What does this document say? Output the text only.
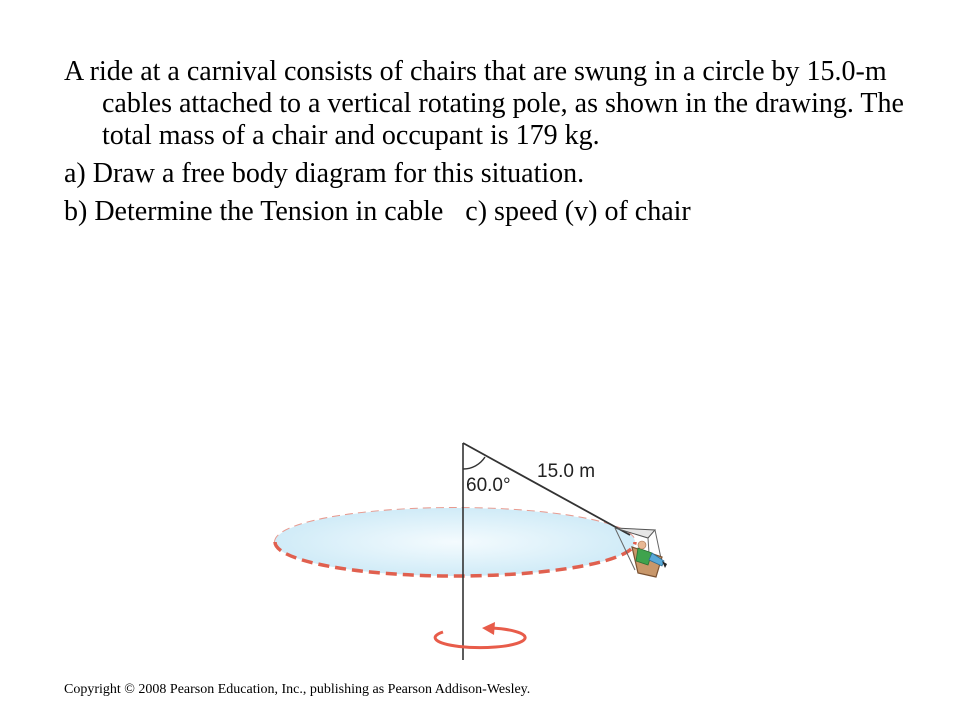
A ride at a carnival consists of chairs that are swung in a circle by 15.0-m cables attached to a vertical rotating pole, as shown in the drawing. The total mass of a chair and occupant is 179 kg.

a) Draw a free body diagram for this situation.

b) Determine the Tension in cable c) speed (v) of chair

15.0 m
60.0°
Copyright © 2008 Pearson Education, Inc., publishing as Pearson Addison-Wesley.
